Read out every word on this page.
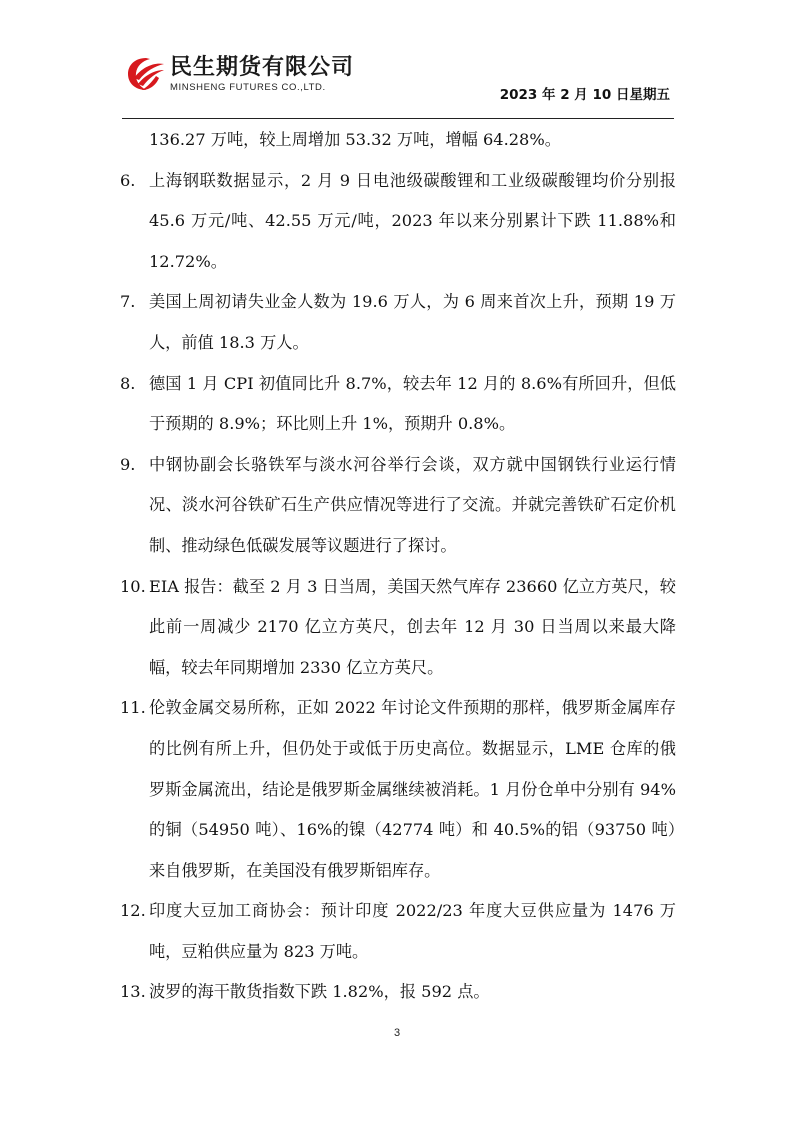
民生期货有限公司
MINSHENG FUTURES CO.,LTD.	2023 年 2 月 10 日星期五
136.27 万吨，较上周增加 53.32 万吨，增幅 64.28%。
6. 上海钢联数据显示，2 月 9 日电池级碳酸锂和工业级碳酸锂均价分别报 45.6 万元/吨、42.55 万元/吨，2023 年以来分别累计下跌 11.88%和 12.72%。
7. 美国上周初请失业金人数为 19.6 万人，为 6 周来首次上升，预期 19 万人，前值 18.3 万人。
8. 德国 1 月 CPI 初值同比升 8.7%，较去年 12 月的 8.6%有所回升，但低于预期的 8.9%；环比则上升 1%，预期升 0.8%。
9. 中钢协副会长骆铁军与淡水河谷举行会谈，双方就中国钢铁行业运行情况、淡水河谷铁矿石生产供应情况等进行了交流。并就完善铁矿石定价机制、推动绿色低碳发展等议题进行了探讨。
10. EIA 报告：截至 2 月 3 日当周，美国天然气库存 23660 亿立方英尺，较此前一周减少 2170 亿立方英尺，创去年 12 月 30 日当周以来最大降幅，较去年同期增加 2330 亿立方英尺。
11. 伦敦金属交易所称，正如 2022 年讨论文件预期的那样，俄罗斯金属库存的比例有所上升，但仍处于或低于历史高位。数据显示，LME 仓库的俄罗斯金属流出，结论是俄罗斯金属继续被消耗。1 月份仓单中分别有 94%的铜（54950 吨）、16%的镍（42774 吨）和 40.5%的铝（93750 吨）来自俄罗斯，在美国没有俄罗斯铝库存。
12. 印度大豆加工商协会：预计印度 2022/23 年度大豆供应量为 1476 万吨，豆粕供应量为 823 万吨。
13. 波罗的海干散货指数下跌 1.82%，报 592 点。
3
